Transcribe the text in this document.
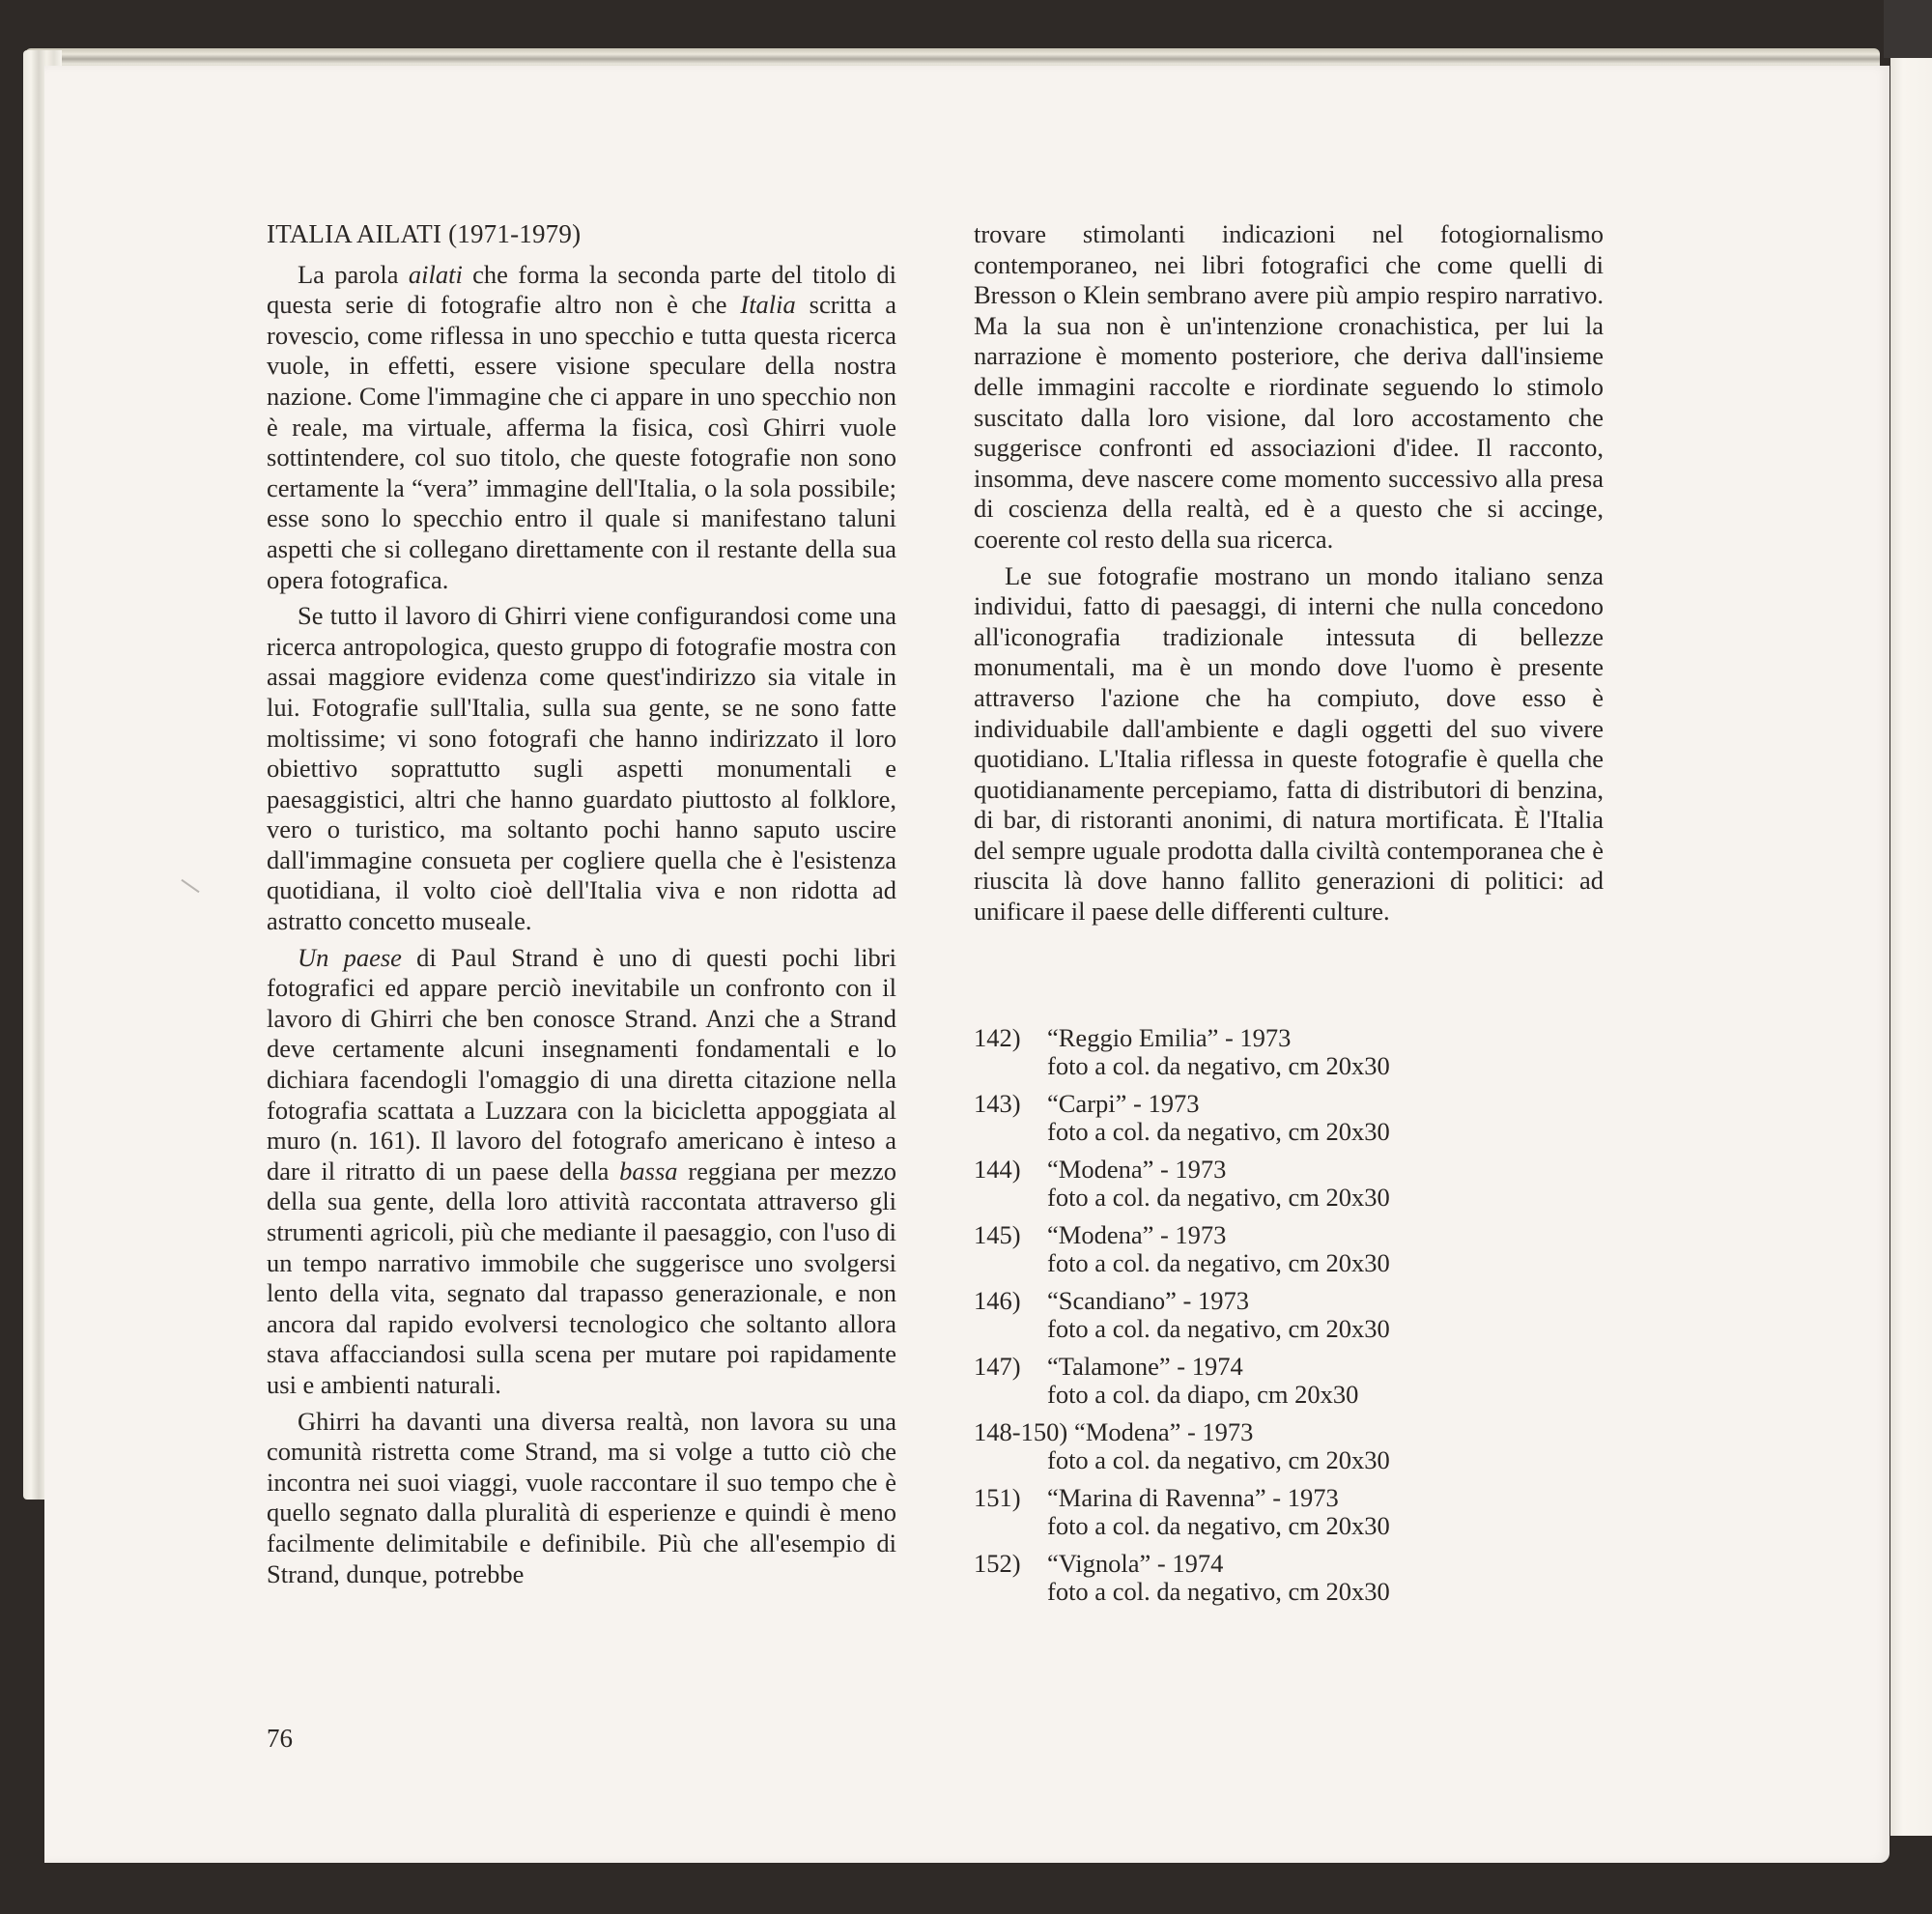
ITALIA AILATI (1971-1979)

La parola ailati che forma la seconda parte del titolo di questa serie di fotografie altro non è che Italia scritta a rovescio, come riflessa in uno specchio e tutta questa ricerca vuole, in effetti, essere visione speculare della nostra nazione. Come l'immagine che ci appare in uno specchio non è reale, ma virtuale, afferma la fisica, così Ghirri vuole sottintendere, col suo titolo, che queste fotografie non sono certamente la “vera” immagine dell'Italia, o la sola possibile; esse sono lo specchio entro il quale si manifestano taluni aspetti che si collegano direttamente con il restante della sua opera fotografica.

Se tutto il lavoro di Ghirri viene configurandosi come una ricerca antropologica, questo gruppo di fotografie mostra con assai maggiore evidenza come quest'indirizzo sia vitale in lui. Fotografie sull'Italia, sulla sua gente, se ne sono fatte moltissime; vi sono fotografi che hanno indirizzato il loro obiettivo soprattutto sugli aspetti monumentali e paesaggistici, altri che hanno guardato piuttosto al folklore, vero o turistico, ma soltanto pochi hanno saputo uscire dall'immagine consueta per cogliere quella che è l'esistenza quotidiana, il volto cioè dell'Italia viva e non ridotta ad astratto concetto museale.

Un paese di Paul Strand è uno di questi pochi libri fotografici ed appare perciò inevitabile un confronto con il lavoro di Ghirri che ben conosce Strand. Anzi che a Strand deve certamente alcuni insegnamenti fondamentali e lo dichiara facendogli l'omaggio di una diretta citazione nella fotografia scattata a Luzzara con la bicicletta appoggiata al muro (n. 161). Il lavoro del fotografo americano è inteso a dare il ritratto di un paese della bassa reggiana per mezzo della sua gente, della loro attività raccontata attraverso gli strumenti agricoli, più che mediante il paesaggio, con l'uso di un tempo narrativo immobile che suggerisce uno svolgersi lento della vita, segnato dal trapasso generazionale, e non ancora dal rapido evolversi tecnologico che soltanto allora stava affacciandosi sulla scena per mutare poi rapidamente usi e ambienti naturali.

Ghirri ha davanti una diversa realtà, non lavora su una comunità ristretta come Strand, ma si volge a tutto ciò che incontra nei suoi viaggi, vuole raccontare il suo tempo che è quello segnato dalla pluralità di esperienze e quindi è meno facilmente delimitabile e definibile. Più che all'esempio di Strand, dunque, potrebbe

trovare stimolanti indicazioni nel fotogiornalismo contemporaneo, nei libri fotografici che come quelli di Bresson o Klein sembrano avere più ampio respiro narrativo. Ma la sua non è un'intenzione cronachistica, per lui la narrazione è momento posteriore, che deriva dall'insieme delle immagini raccolte e riordinate seguendo lo stimolo suscitato dalla loro visione, dal loro accostamento che suggerisce confronti ed associazioni d'idee. Il racconto, insomma, deve nascere come momento successivo alla presa di coscienza della realtà, ed è a questo che si accinge, coerente col resto della sua ricerca.

Le sue fotografie mostrano un mondo italiano senza individui, fatto di paesaggi, di interni che nulla concedono all'iconografia tradizionale intessuta di bellezze monumentali, ma è un mondo dove l'uomo è presente attraverso l'azione che ha compiuto, dove esso è individuabile dall'ambiente e dagli oggetti del suo vivere quotidiano. L'Italia riflessa in queste fotografie è quella che quotidianamente percepiamo, fatta di distributori di benzina, di bar, di ristoranti anonimi, di natura mortificata. È l'Italia del sempre uguale prodotta dalla civiltà contemporanea che è riuscita là dove hanno fallito generazioni di politici: ad unificare il paese delle differenti culture.

142)	“Reggio Emilia” - 1973
foto a col. da negativo, cm 20x30
143)	“Carpi” - 1973
foto a col. da negativo, cm 20x30
144)	“Modena” - 1973
foto a col. da negativo, cm 20x30
145)	“Modena” - 1973
foto a col. da negativo, cm 20x30
146)	“Scandiano” - 1973
foto a col. da negativo, cm 20x30
147)	“Talamone” - 1974
foto a col. da diapo, cm 20x30
148-150) “Modena” - 1973
foto a col. da negativo, cm 20x30
151)	“Marina di Ravenna” - 1973
foto a col. da negativo, cm 20x30
152)	“Vignola” - 1974
foto a col. da negativo, cm 20x30
76
